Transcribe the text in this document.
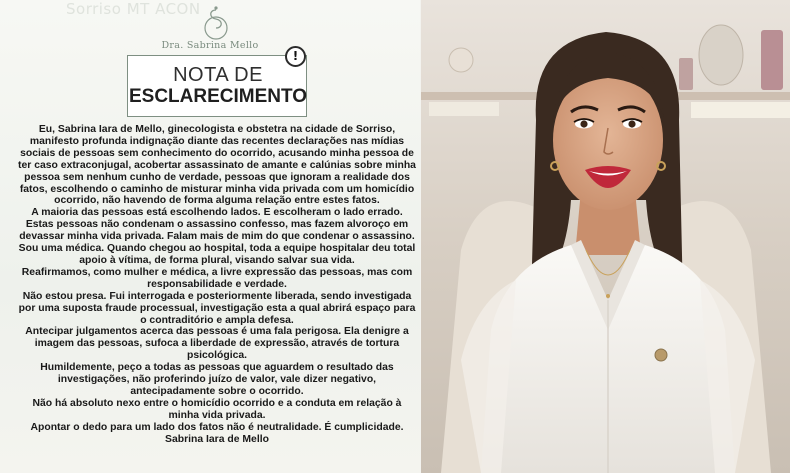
Sorriso MT ACON
Dra. Sabrina Mello
NOTA DE
ESCLARECIMENTO
!

Eu, Sabrina Iara de Mello, ginecologista e obstetra na cidade de Sorriso, manifesto profunda indignação diante das recentes declarações nas mídias sociais de pessoas sem conhecimento do ocorrido, acusando minha pessoa de ter caso extraconjugal, acobertar assassinato de amante e calúnias sobre minha pessoa sem nenhum cunho de verdade, pessoas que ignoram a realidade dos fatos, escolhendo o caminho de misturar minha vida privada com um homicídio ocorrido, não havendo de forma alguma relação entre estes fatos.

A maioria das pessoas está escolhendo lados. E escolheram o lado errado.

Estas pessoas não condenam o assassino confesso, mas fazem alvoroço em devassar minha vida privada. Falam mais de mim do que condenar o assassino.

Sou uma médica. Quando chegou ao hospital, toda a equipe hospitalar deu total apoio à vítima, de forma plural, visando salvar sua vida.

Reafirmamos, como mulher e médica, a livre expressão das pessoas, mas com responsabilidade e verdade.

Não estou presa. Fui interrogada e posteriormente liberada, sendo investigada por uma suposta fraude processual, investigação esta a qual abrirá espaço para o contraditório e ampla defesa.

Antecipar julgamentos acerca das pessoas é uma fala perigosa. Ela denigre a imagem das pessoas, sufoca a liberdade de expressão, através de tortura psicológica.

Humildemente, peço a todas as pessoas que aguardem o resultado das investigações, não proferindo juízo de valor, vale dizer negativo, antecipadamente sobre o ocorrido.

Não há absoluto nexo entre o homicídio ocorrido e a conduta em relação à minha vida privada.

Apontar o dedo para um lado dos fatos não é neutralidade. É cumplicidade.

Sabrina Iara de Mello
